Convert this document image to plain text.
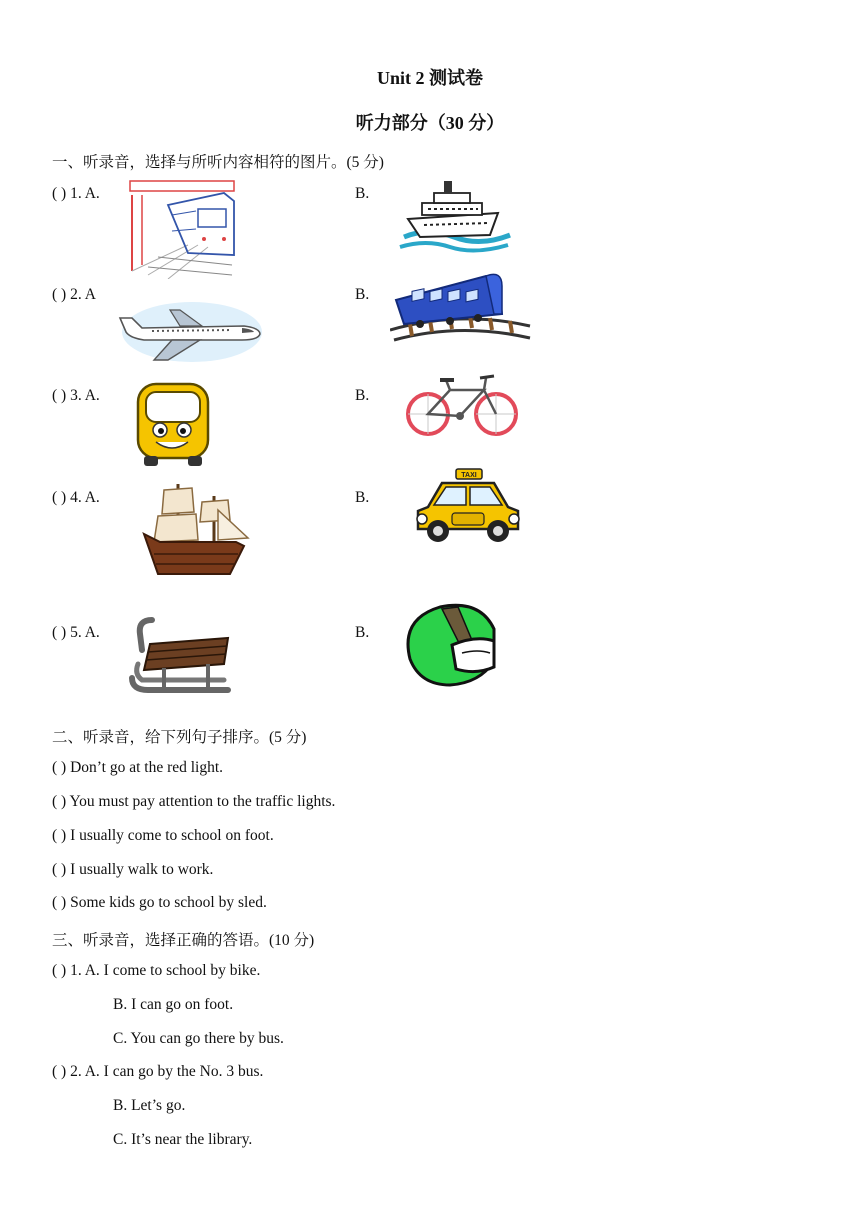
Unit 2 测试卷
听力部分（30 分）
一、听录音，选择与所听内容相符的图片。(5 分)
( ) 1. A.	B.
( ) 2. A	B.
( ) 3. A.	B.
( ) 4. A.	B.
( ) 5. A.	B.
TAXI
二、听录音，给下列句子排序。(5 分)
( ) Don’t go at the red light.
( ) You must pay attention to the traffic lights.
( ) I usually come to school on foot.
( ) I usually walk to work.
( ) Some kids go to school by sled.
三、听录音，选择正确的答语。(10 分)
( ) 1. A. I come to school by bike.
B. I can go on foot.
C. You can go there by bus.
( ) 2. A. I can go by the No. 3 bus.
B. Let’s go.
C. It’s near the library.
